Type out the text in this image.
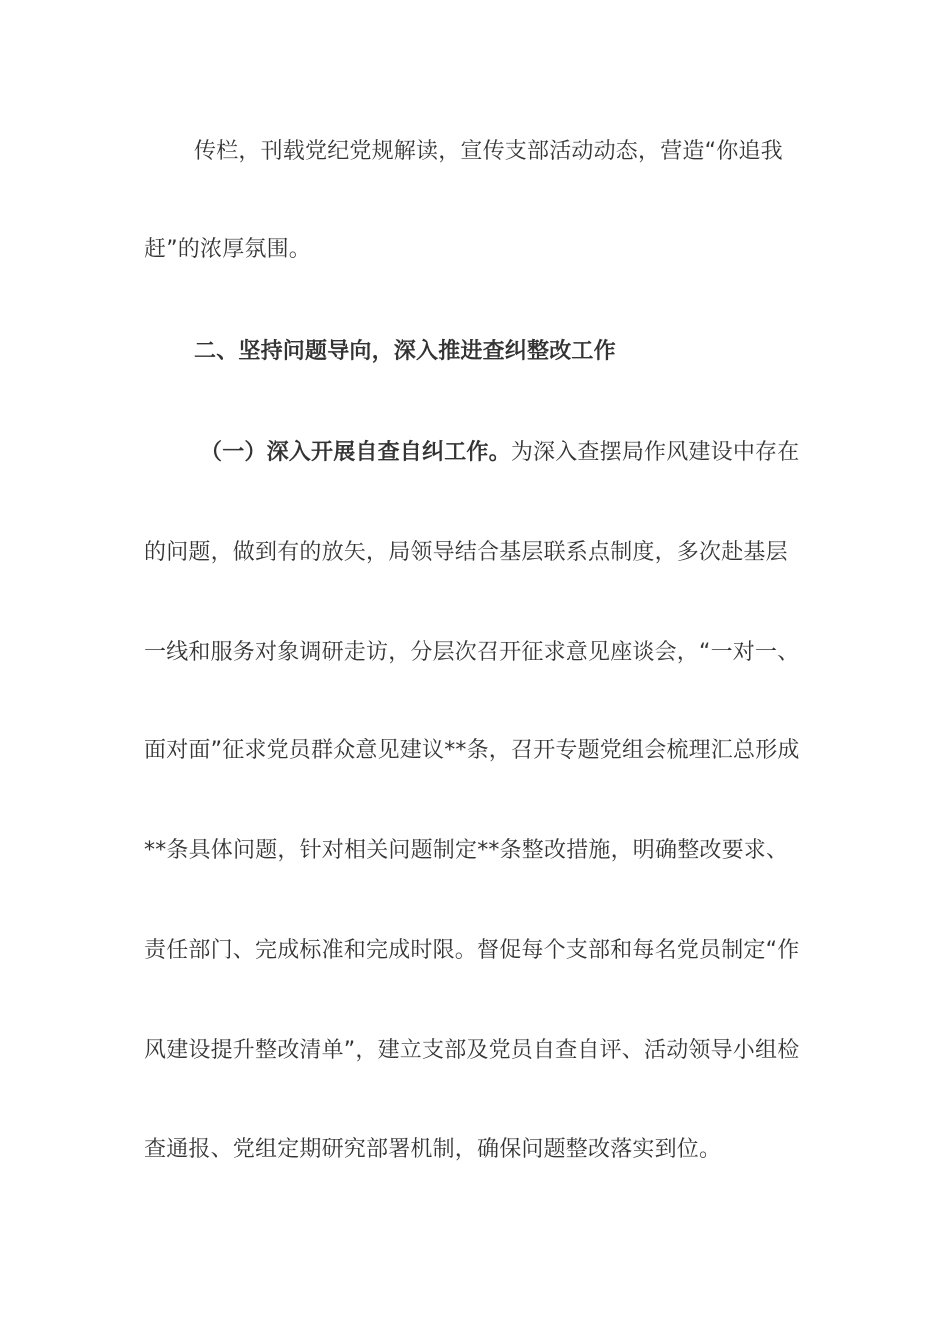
传栏，刊载党纪党规解读，宣传支部活动动态，营造“你追我
赶”的浓厚氛围。
二、坚持问题导向，深入推进查纠整改工作
（一）深入开展自查自纠工作。为深入查摆局作风建设中存在
的问题，做到有的放矢，局领导结合基层联系点制度，多次赴基层
一线和服务对象调研走访，分层次召开征求意见座谈会，“一对一、
面对面”征求党员群众意见建议**条，召开专题党组会梳理汇总形成
**条具体问题，针对相关问题制定**条整改措施，明确整改要求、
责任部门、完成标准和完成时限。督促每个支部和每名党员制定“作
风建设提升整改清单”，建立支部及党员自查自评、活动领导小组检
查通报、党组定期研究部署机制，确保问题整改落实到位。
